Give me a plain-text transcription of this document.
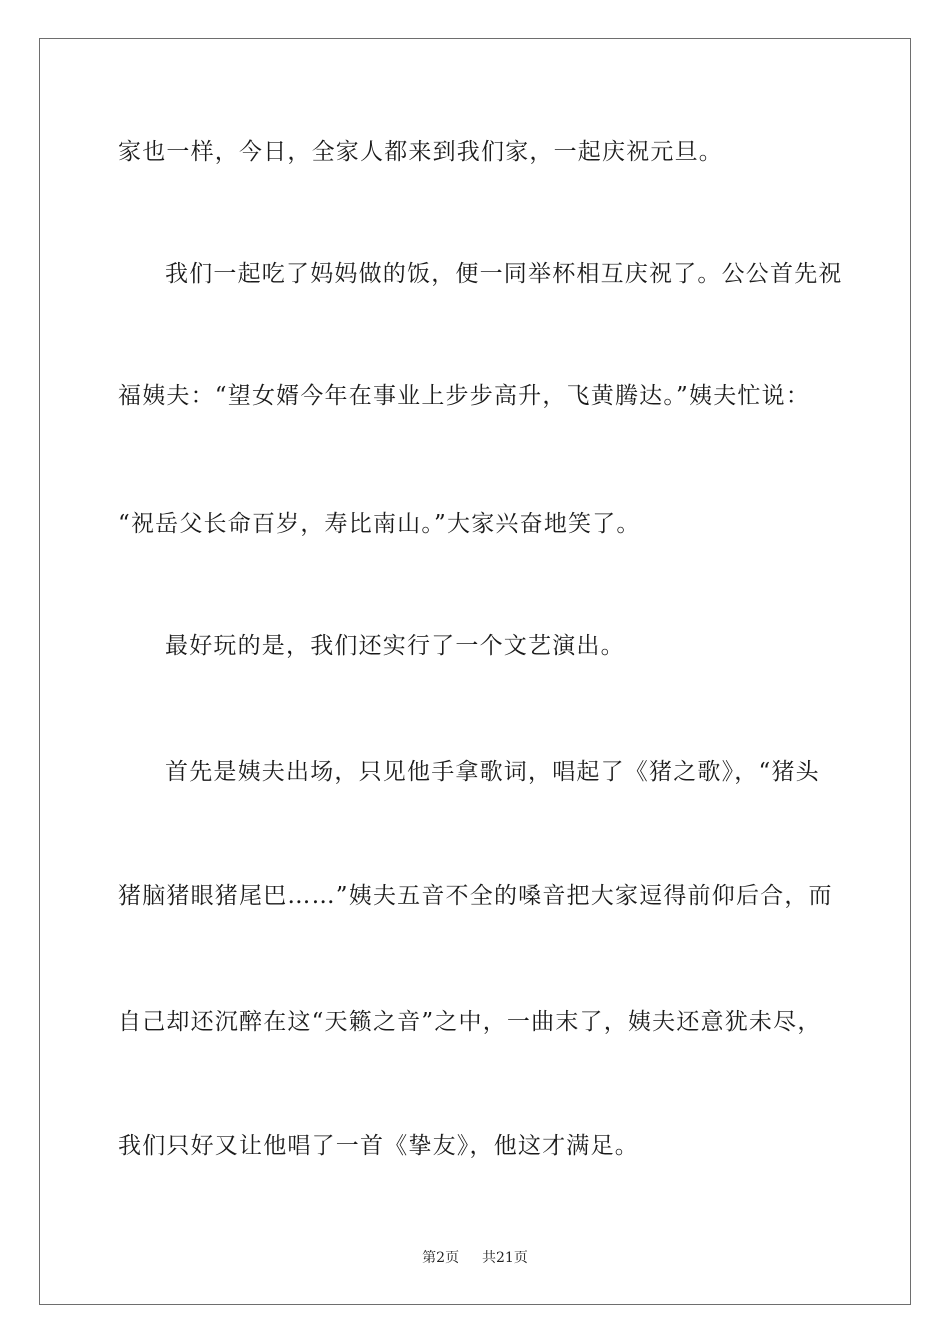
家也一样，今日，全家人都来到我们家，一起庆祝元旦。
我们一起吃了妈妈做的饭，便一同举杯相互庆祝了。公公首先祝
福姨夫：“望女婿今年在事业上步步高升，飞黄腾达。”姨夫忙说：
“祝岳父长命百岁，寿比南山。”大家兴奋地笑了。
最好玩的是，我们还实行了一个文艺演出。
首先是姨夫出场，只见他手拿歌词，唱起了《猪之歌》，“猪头
猪脑猪眼猪尾巴……”姨夫五音不全的嗓音把大家逗得前仰后合，而
自己却还沉醉在这“天籁之音”之中，一曲末了，姨夫还意犹未尽，
我们只好又让他唱了一首《挚友》，他这才满足。
第2页 共21页
